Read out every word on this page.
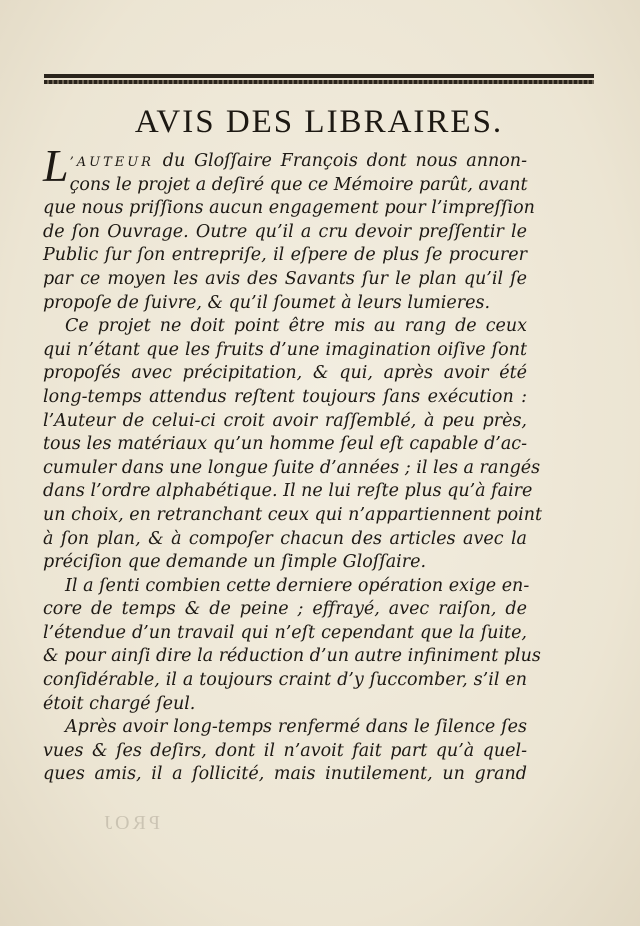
AVIS DES LIBRAIRES.
L ’AUTEUR du Gloſſaire François dont nous annon-
çons le projet a deſiré que ce Mémoire parût, avant
que nous priſſions aucun engagement pour l’impreſſion
de ſon Ouvrage. Outre qu’il a cru devoir preſſentir le
Public ſur ſon entrepriſe, il eſpere de plus ſe procurer
par ce moyen les avis des Savants ſur le plan qu’il ſe
propoſe de ſuivre, & qu’il ſoumet à leurs lumieres.
Ce projet ne doit point être mis au rang de ceux
qui n’étant que les fruits d’une imagination oiſive ſont
propoſés avec précipitation, & qui, après avoir été
long-temps attendus reſtent toujours ſans exécution :
l’Auteur de celui-ci croit avoir raſſemblé, à peu près,
tous les matériaux qu’un homme ſeul eſt capable d’ac-
cumuler dans une longue ſuite d’années ; il les a rangés
dans l’ordre alphabétique. Il ne lui reſte plus qu’à faire
un choix, en retranchant ceux qui n’appartiennent point
à ſon plan, & à compoſer chacun des articles avec la
préciſion que demande un ſimple Gloſſaire.
Il a ſenti combien cette derniere opération exige en-
core de temps & de peine ; effrayé, avec raiſon, de
l’étendue d’un travail qui n’eſt cependant que la ſuite,
& pour ainſi dire la réduction d’un autre infiniment plus
conſidérable, il a toujours craint d’y ſuccomber, s’il en
étoit chargé ſeul.
Après avoir long-temps renfermé dans le ſilence ſes
vues & ſes deſirs, dont il n’avoit fait part qu’à quel-
ques amis, il a ſollicité, mais inutilement, un grand
PROJ
